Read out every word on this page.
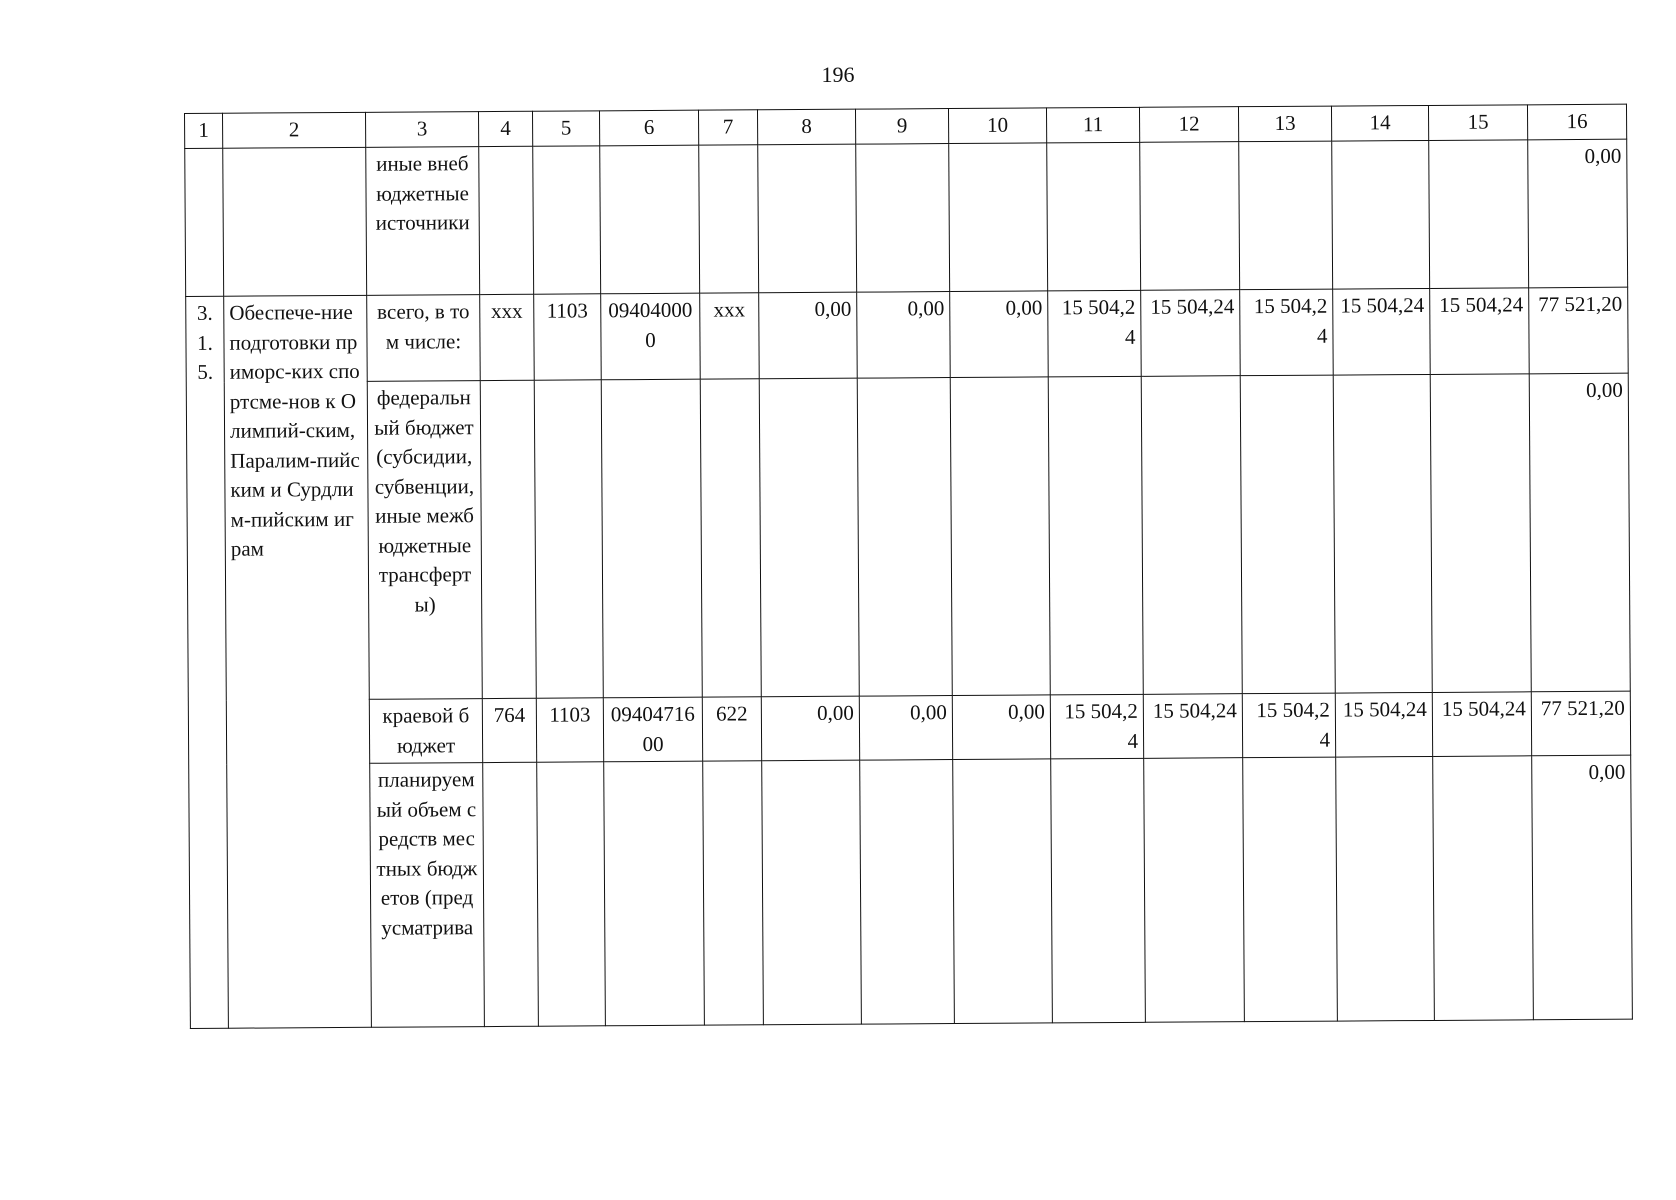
196
1	2	3	4	5	6	7	8	9	10	11	12	13	14	15	16
		иные внебюджетные источники													0,00
3.1.5.	Обеспече-ние подготовки приморс-ких спортсме-нов к Олимпий-ским, Паралим-пийским и Сурдлим-пийским играм	всего, в том числе:	ххх	1103	094040000	ххх	0,00	0,00	0,00	15 504,24	15 504,24	15 504,24	15 504,24	15 504,24	77 521,20
		федеральный бюджет (субсидии, субвенции, иные межбюджетные трансферты)													0,00
		краевой бюджет	764	1103	0940471600	622	0,00	0,00	0,00	15 504,24	15 504,24	15 504,24	15 504,24	15 504,24	77 521,20
		планируемый объем средств местных бюджетов (предусматрива													0,00
